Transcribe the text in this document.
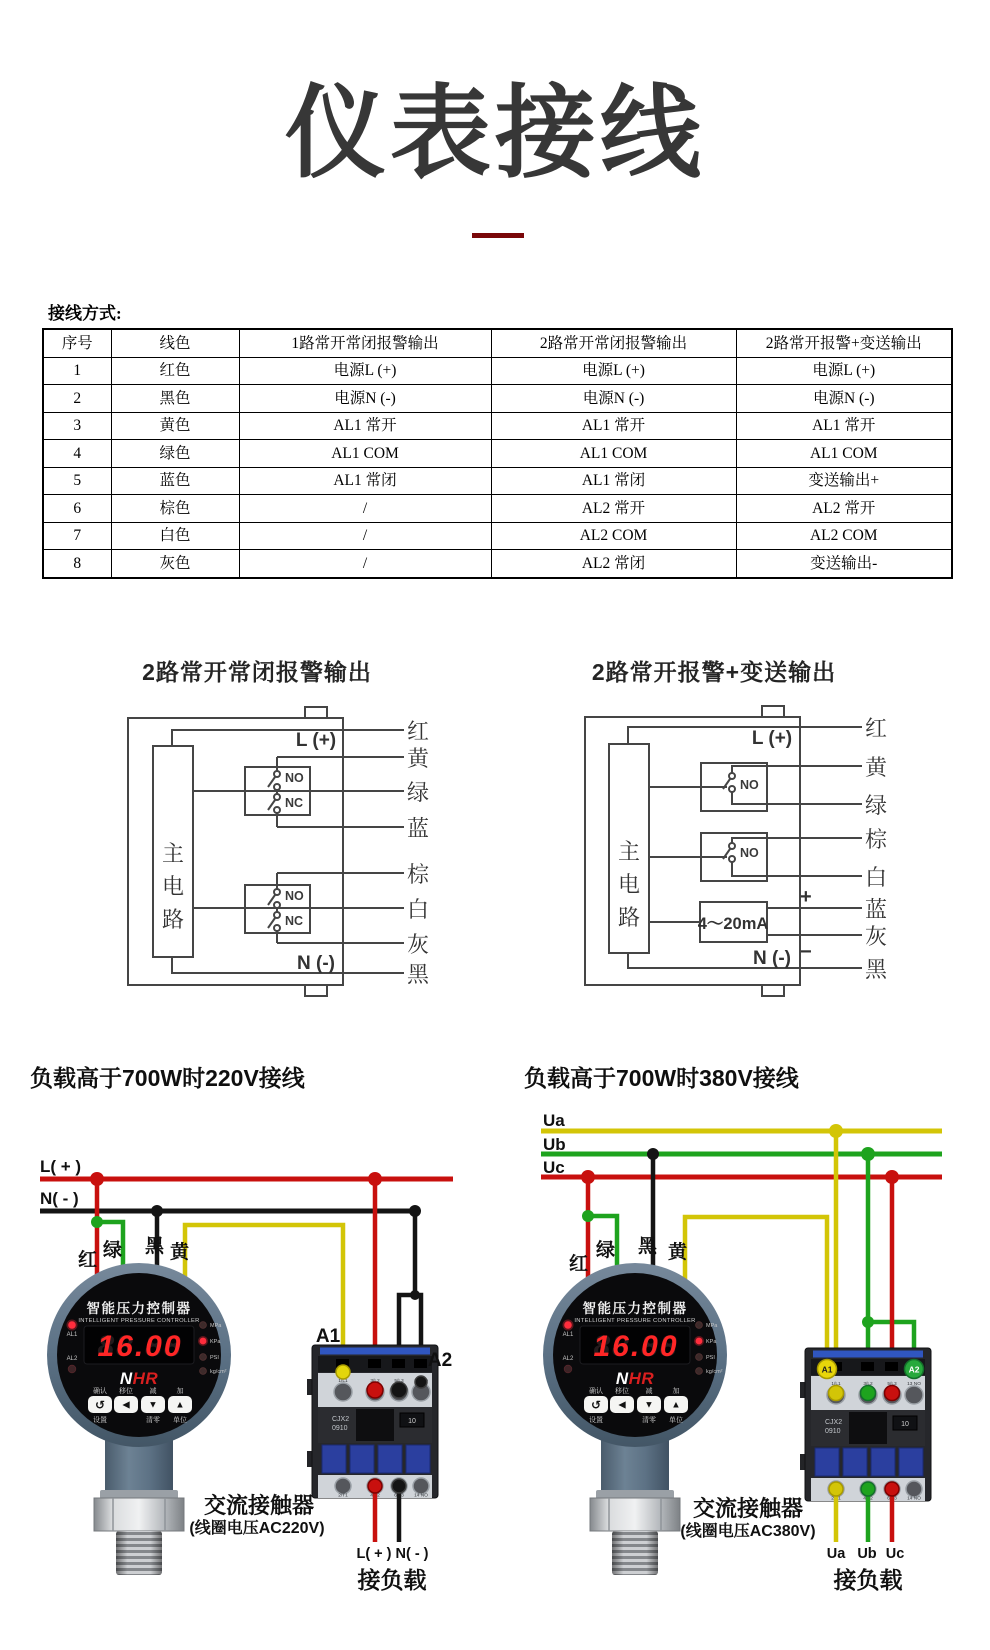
仪表接线
接线方式:
序号	线色	1路常开常闭报警输出	2路常开常闭报警输出	2路常开报警+变送输出
1	红色	电源L (+)	电源L (+)	电源L (+)
2	黑色	电源N (-)	电源N (-)	电源N (-)
3	黄色	AL1 常开	AL1 常开	AL1 常开
4	绿色	AL1 COM	AL1 COM	AL1 COM
5	蓝色	AL1 常闭	AL1 常闭	变送输出+
6	棕色	/	AL2 常开	AL2 常开
7	白色	/	AL2 COM	AL2 COM
8	灰色	/	AL2 常闭	变送输出-
2路常开常闭报警输出
主
电
路
L (+)	红
NO
NC
黄
绿
蓝
NO
NC
棕
白
灰
N (-)	黑
2路常开报警+变送输出
主
电
路
L (+)	红
NO
黄
绿
NO
棕
白
4～20mA
蓝
+
灰
−
N (-)	黑
负载高于700W时220V接线
L( + )
N( - )
红 绿 黑 黄
A1
A2
L( + ) N( - )
接负载
交流接触器
(线圈电压AC220V)
负载高于700W时380V接线
Ua
Ub
Uc
红
绿 黑 黄
A1	A2
Ua Ub Uc
接负载
交流接触器
(线圈电压AC380V)
